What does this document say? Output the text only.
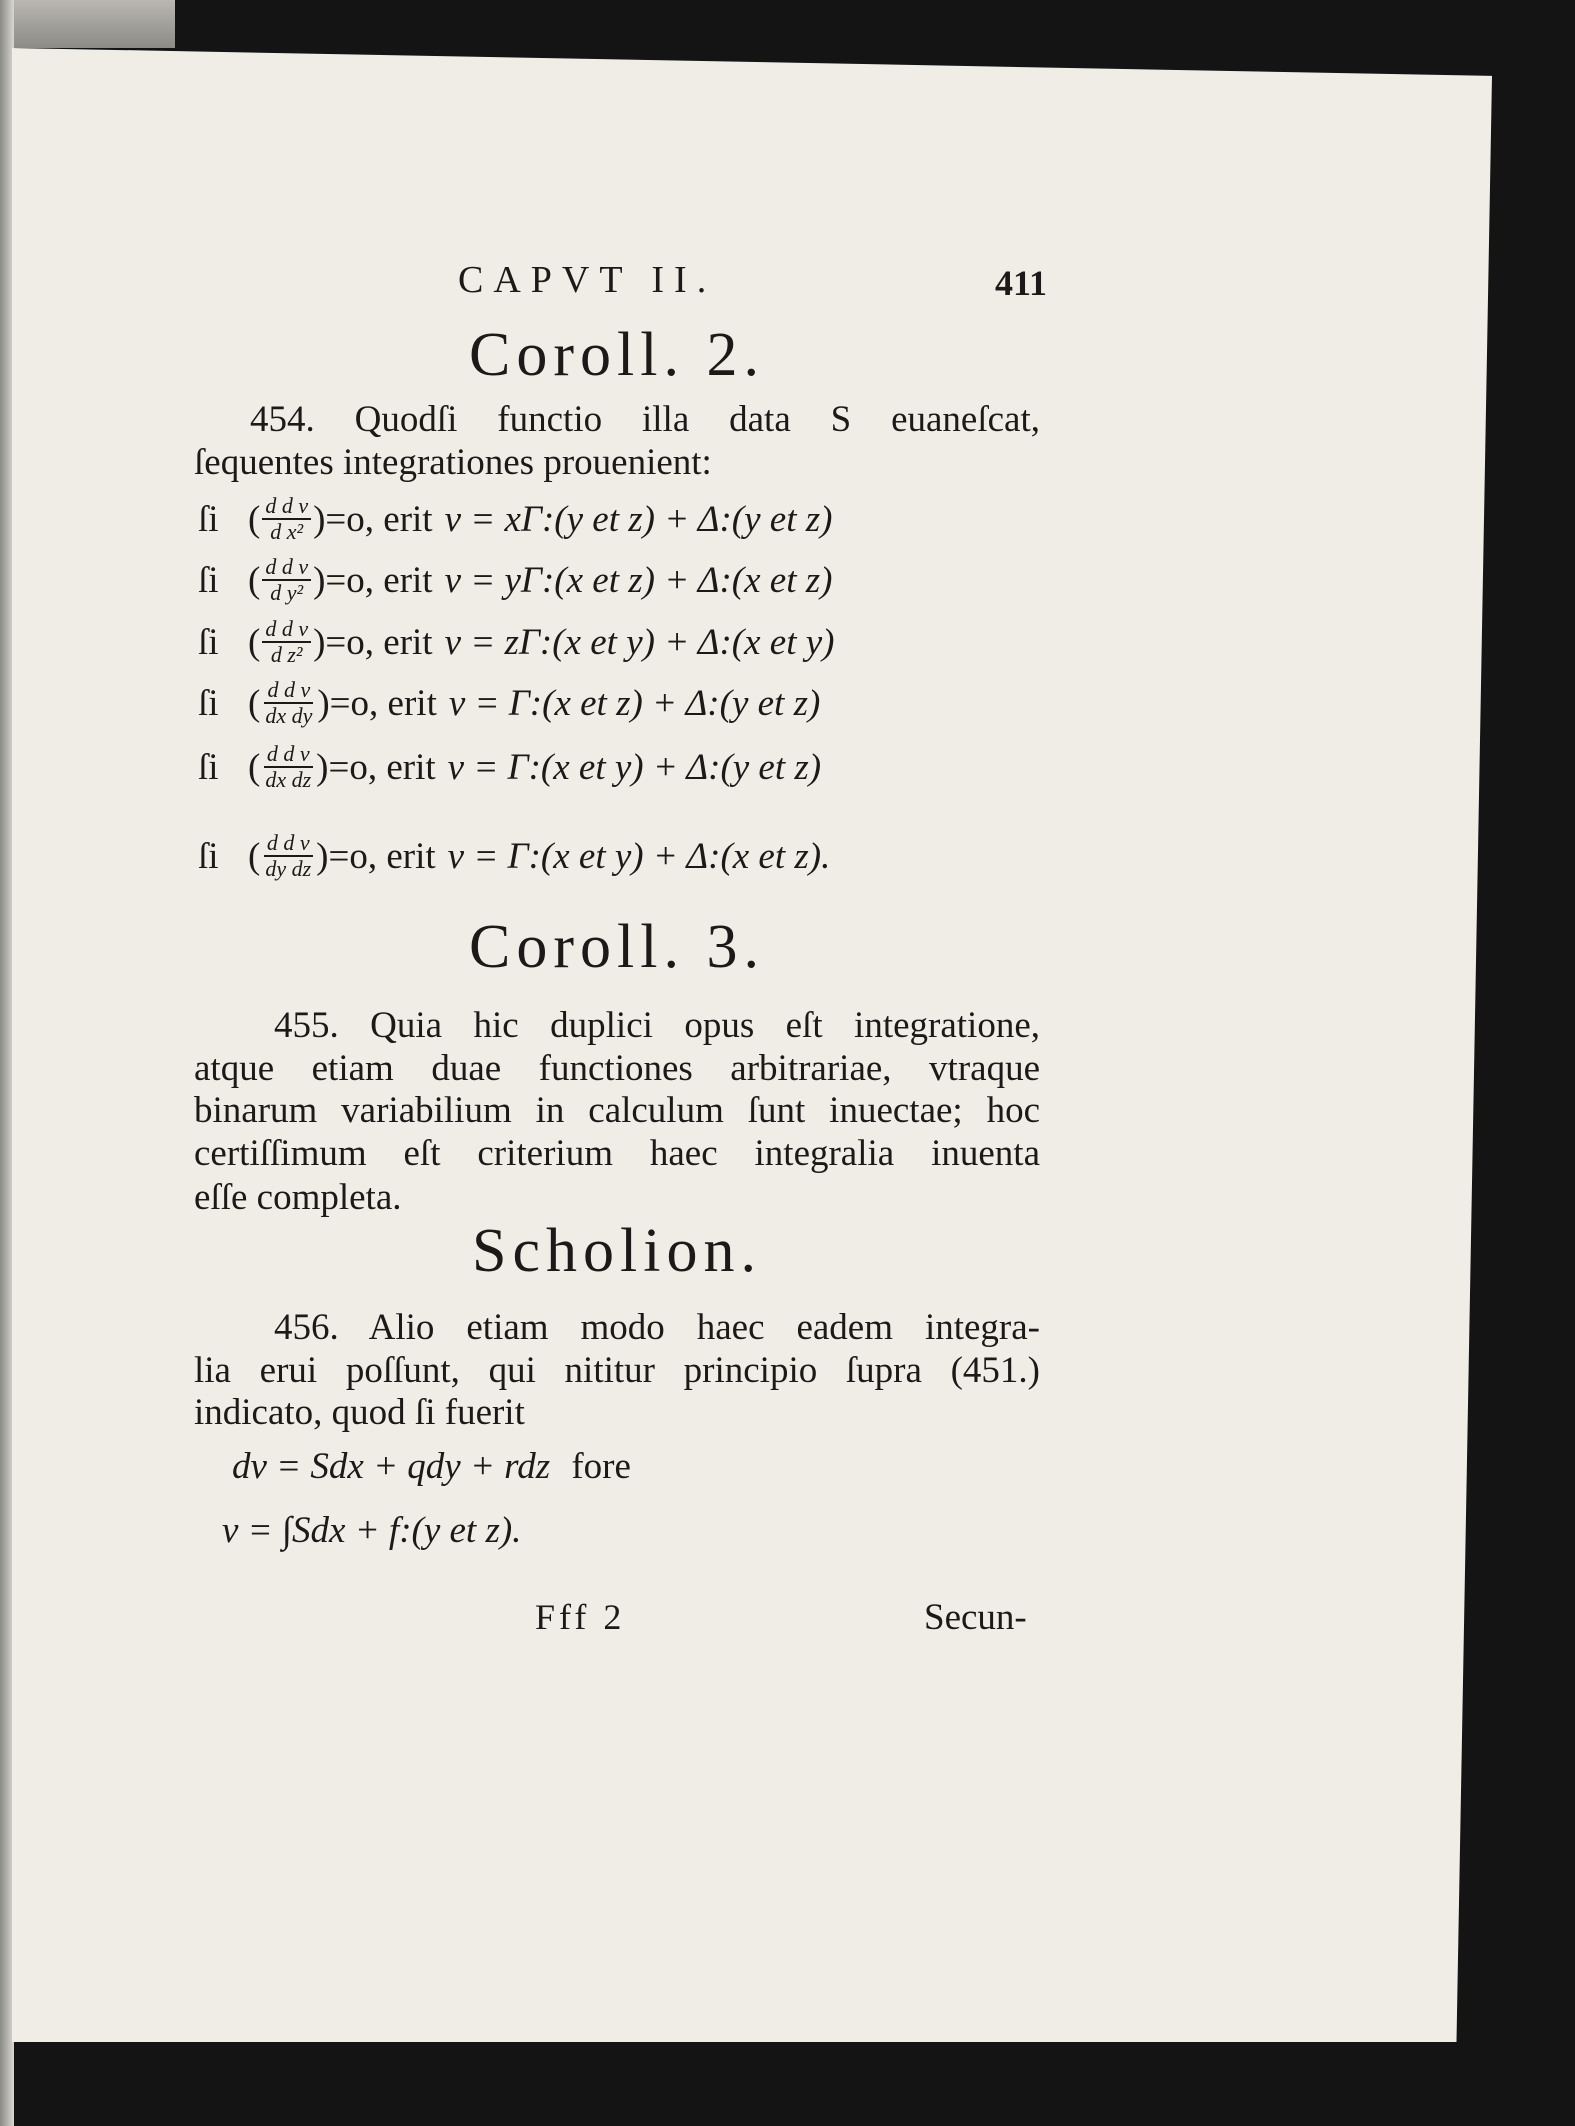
CAPVT II.	411
Coroll. 2.
454. Quodſi functio illa data S euaneſcat,
ſequentes integrationes prouenient:
ſi ( $\frac{\text{d d v}}{\text{d x²}} )=o$, erit v = xΓ:(y et z) + Δ:(y et z)
ſi ( $\frac{\text{d d v}}{\text{d y²}} )=o$, erit v = yΓ:(x et z) + Δ:(x et z)
ſi ( $\frac{\text{d d v}}{\text{d z²}} )=o$, erit v = zΓ:(x et y) + Δ:(x et y)
ſi ( $\frac{\text{d d v}}{\text{dx dy}} )=o$, erit v = Γ:(x et z) + Δ:(y et z)
ſi ( $\frac{\text{d d v}}{\text{dx dz}} )=o$, erit v = Γ:(x et y) + Δ:(y et z)
ſi ( $\frac{\text{d d v}}{\text{dy dz}} )=o$, erit v = Γ:(x et y) + Δ:(x et z).
Coroll. 3.
455. Quia hic duplici opus eſt integratione,
atque etiam duae functiones arbitrariae, vtraque
binarum variabilium in calculum ſunt inuectae; hoc
certiſſimum eſt criterium haec integralia inuenta
eſſe completa.
Scholion.
456. Alio etiam modo haec eadem integra-
lia erui poſſunt, qui nititur principio ſupra (451.)
indicato, quod ſi fuerit
dv = Sdx + qdy + rdz fore
v = ∫Sdx + f:(y et z).
Fff 2	Secun-
